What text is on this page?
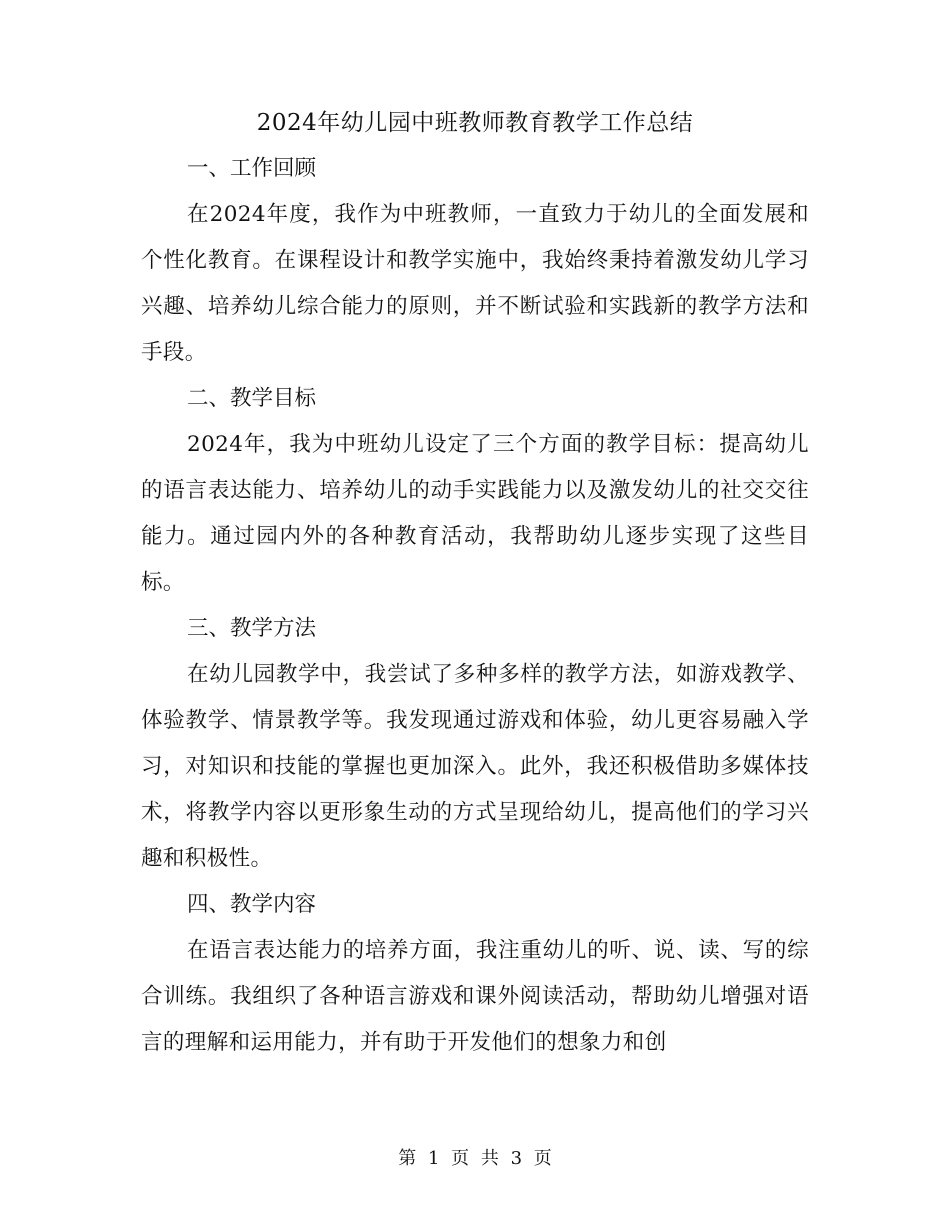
2024年幼儿园中班教师教育教学工作总结
一、工作回顾

在2024年度，我作为中班教师，一直致力于幼儿的全面发展和个性化教育。在课程设计和教学实施中，我始终秉持着激发幼儿学习兴趣、培养幼儿综合能力的原则，并不断试验和实践新的教学方法和手段。

二、教学目标

2024年，我为中班幼儿设定了三个方面的教学目标：提高幼儿的语言表达能力、培养幼儿的动手实践能力以及激发幼儿的社交交往能力。通过园内外的各种教育活动，我帮助幼儿逐步实现了这些目标。

三、教学方法

在幼儿园教学中，我尝试了多种多样的教学方法，如游戏教学、体验教学、情景教学等。我发现通过游戏和体验，幼儿更容易融入学习，对知识和技能的掌握也更加深入。此外，我还积极借助多媒体技术，将教学内容以更形象生动的方式呈现给幼儿，提高他们的学习兴趣和积极性。

四、教学内容

在语言表达能力的培养方面，我注重幼儿的听、说、读、写的综合训练。我组织了各种语言游戏和课外阅读活动，帮助幼儿增强对语言的理解和运用能力，并有助于开发他们的想象力和创

第 1 页 共 3 页
